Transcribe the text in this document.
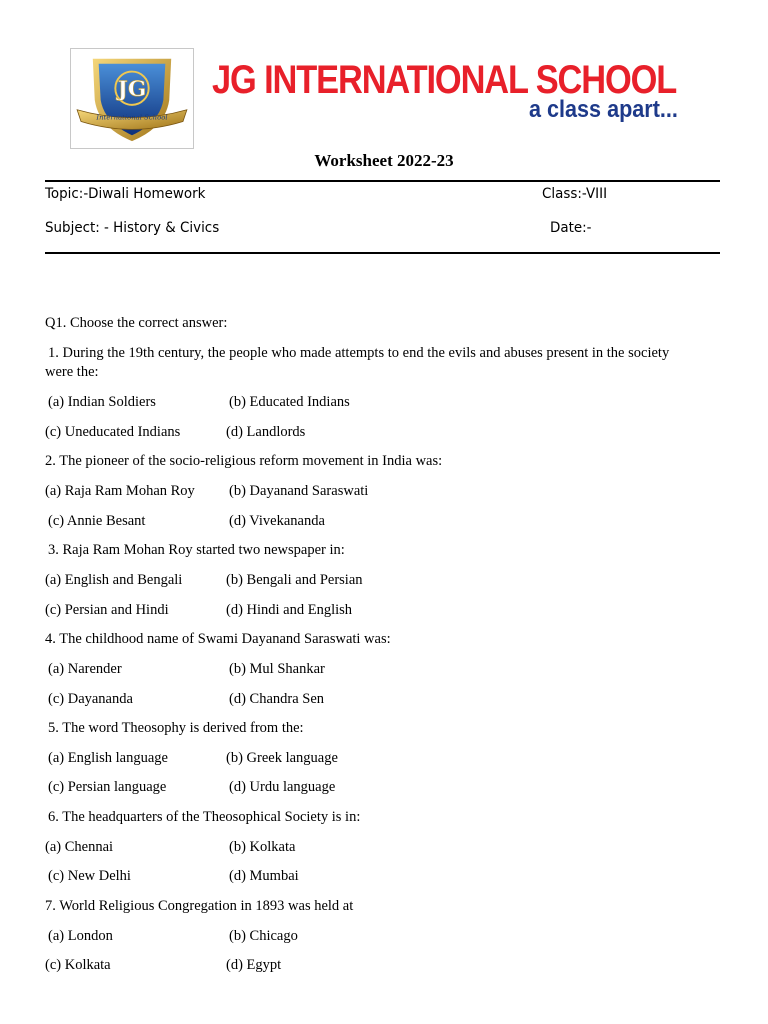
International School
JG JG INTERNATIONAL SCHOOL
a class apart...
Worksheet 2022-23
Topic:-Diwali Homework	Class:-VIII
Subject: - History & Civics	Date:-
Q1. Choose the correct answer:
1. During the 19th century, the people who made attempts to end the evils and abuses present in the society
were the:
(a) Indian Soldiers	(b) Educated Indians
(c) Uneducated Indians	(d) Landlords
2. The pioneer of the socio-religious reform movement in India was:
(a) Raja Ram Mohan Roy (b) Dayanand Saraswati
(c) Annie Besant	(d) Vivekananda
3. Raja Ram Mohan Roy started two newspaper in:
(a) English and Bengali	(b) Bengali and Persian
(c) Persian and Hindi	(d) Hindi and English
4. The childhood name of Swami Dayanand Saraswati was:
(a) Narender	(b) Mul Shankar
(c) Dayananda	(d) Chandra Sen
5. The word Theosophy is derived from the:
(a) English language	(b) Greek language
(c) Persian language	(d) Urdu language
6. The headquarters of the Theosophical Society is in:
(a) Chennai	(b) Kolkata
(c) New Delhi	(d) Mumbai
7. World Religious Congregation in 1893 was held at
(a) London	(b) Chicago
(c) Kolkata	(d) Egypt
